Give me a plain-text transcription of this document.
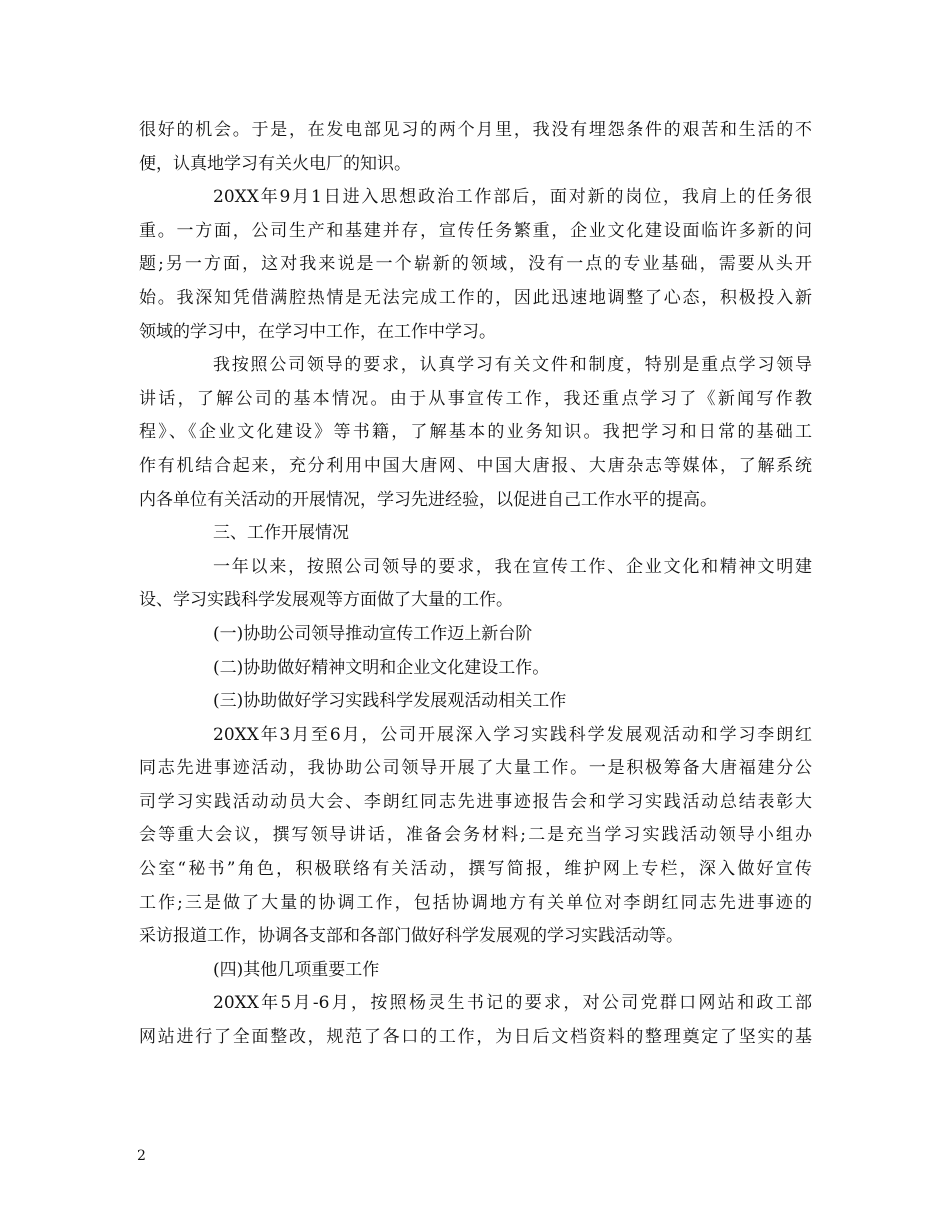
很好的机会。于是，在发电部见习的两个月里，我没有埋怨条件的艰苦和生活的不
便，认真地学习有关火电厂的知识。
20XX年9月1日进入思想政治工作部后，面对新的岗位，我肩上的任务很
重。一方面，公司生产和基建并存，宣传任务繁重，企业文化建设面临许多新的问
题;另一方面，这对我来说是一个崭新的领域，没有一点的专业基础，需要从头开
始。我深知凭借满腔热情是无法完成工作的，因此迅速地调整了心态，积极投入新
领域的学习中，在学习中工作，在工作中学习。
我按照公司领导的要求，认真学习有关文件和制度，特别是重点学习领导
讲话，了解公司的基本情况。由于从事宣传工作，我还重点学习了《新闻写作教
程》、《企业文化建设》等书籍，了解基本的业务知识。我把学习和日常的基础工
作有机结合起来，充分利用中国大唐网、中国大唐报、大唐杂志等媒体，了解系统
内各单位有关活动的开展情况，学习先进经验，以促进自己工作水平的提高。
三、工作开展情况
一年以来，按照公司领导的要求，我在宣传工作、企业文化和精神文明建
设、学习实践科学发展观等方面做了大量的工作。
(一)协助公司领导推动宣传工作迈上新台阶
(二)协助做好精神文明和企业文化建设工作。
(三)协助做好学习实践科学发展观活动相关工作
20XX年3月至6月，公司开展深入学习实践科学发展观活动和学习李朗红
同志先进事迹活动，我协助公司领导开展了大量工作。一是积极筹备大唐福建分公
司学习实践活动动员大会、李朗红同志先进事迹报告会和学习实践活动总结表彰大
会等重大会议，撰写领导讲话，准备会务材料;二是充当学习实践活动领导小组办
公室“秘书”角色，积极联络有关活动，撰写简报，维护网上专栏，深入做好宣传
工作;三是做了大量的协调工作，包括协调地方有关单位对李朗红同志先进事迹的
采访报道工作，协调各支部和各部门做好科学发展观的学习实践活动等。
(四)其他几项重要工作
20XX年5月-6月，按照杨灵生书记的要求，对公司党群口网站和政工部
网站进行了全面整改，规范了各口的工作，为日后文档资料的整理奠定了坚实的基
2
